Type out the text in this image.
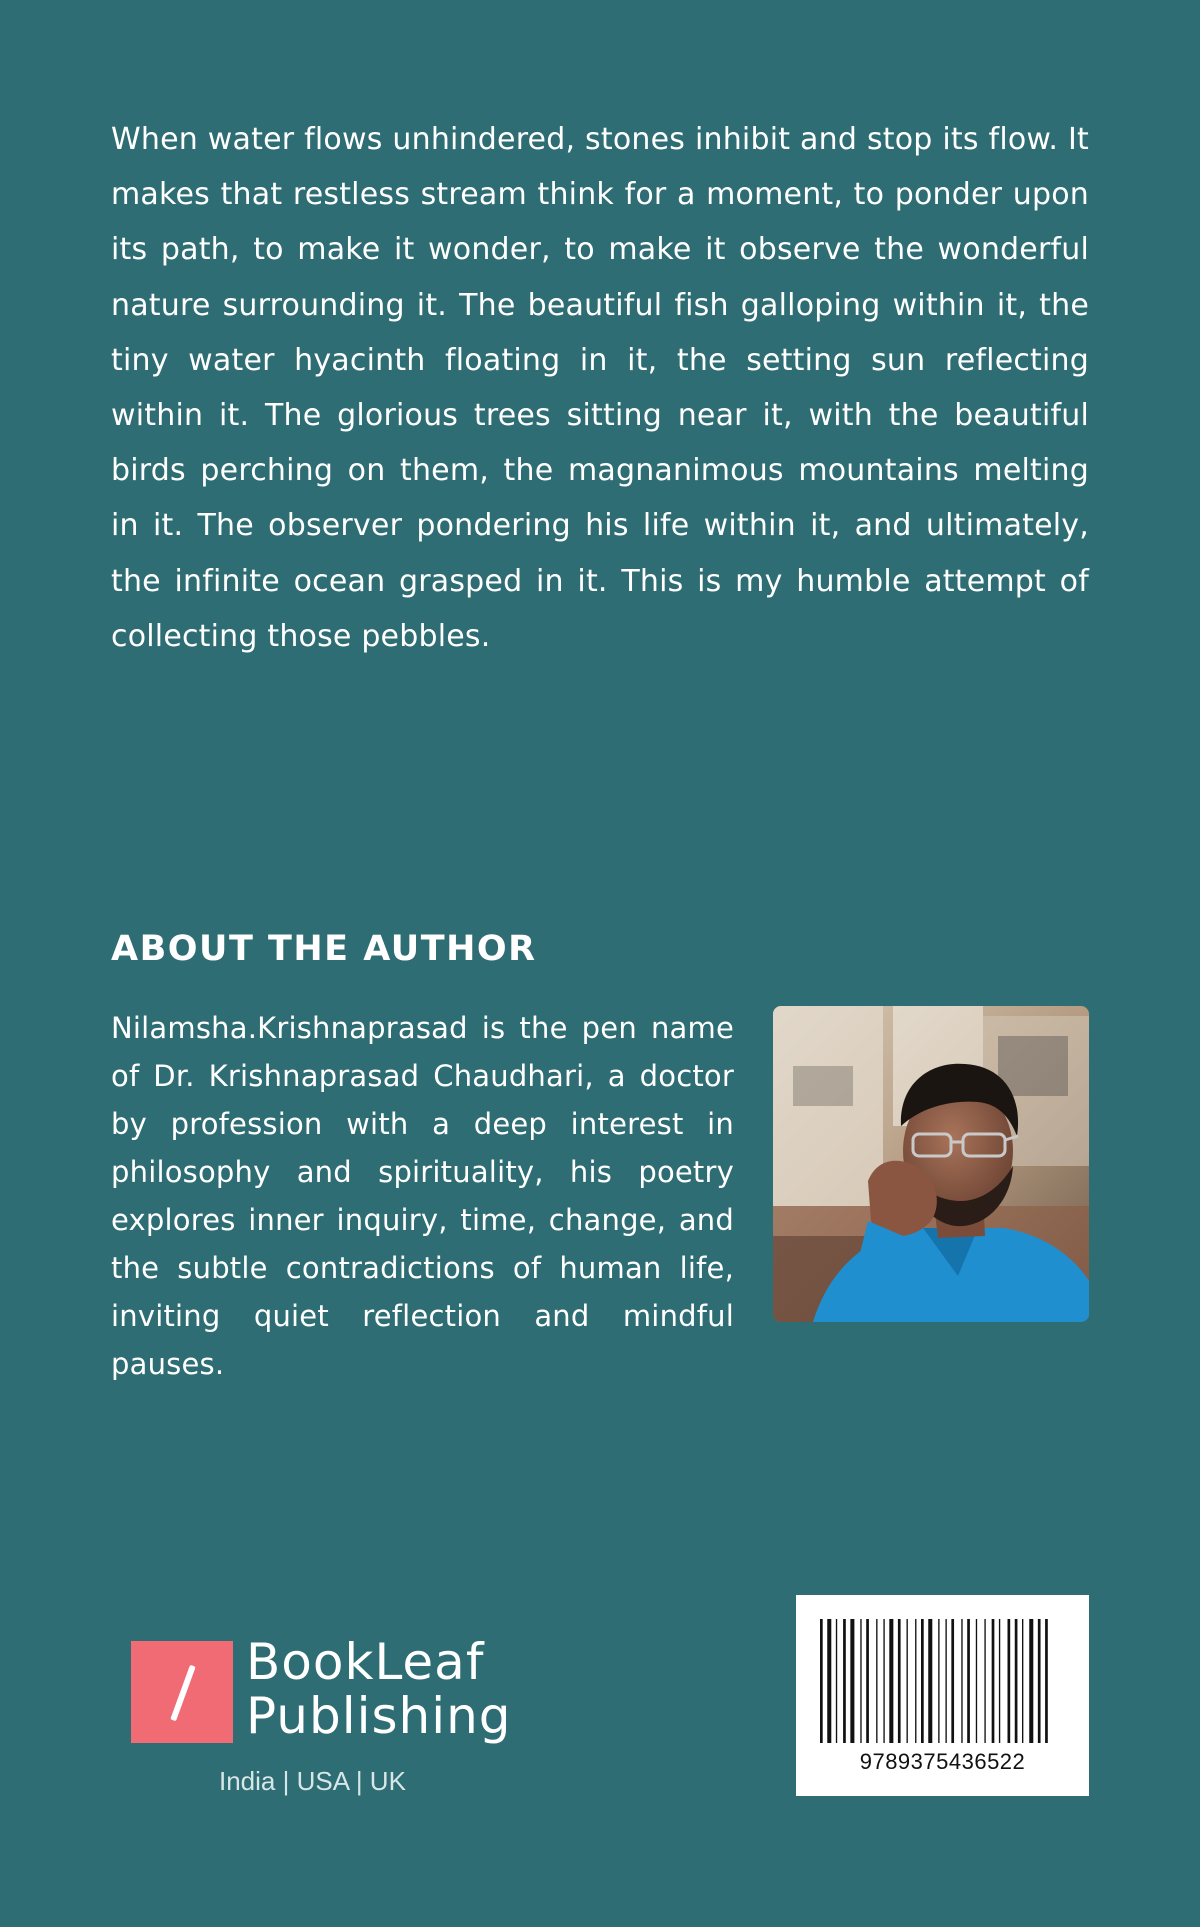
When water flows unhindered, stones inhibit and stop its flow. It makes that restless stream think for a moment, to ponder upon its path, to make it wonder, to make it observe the wonderful nature surrounding it. The beautiful fish galloping within it, the tiny water hyacinth floating in it, the setting sun reflecting within it. The glorious trees sitting near it, with the beautiful birds perching on them, the magnanimous mountains melting in it. The observer pondering his life within it, and ultimately, the infinite ocean grasped in it. This is my humble attempt of collecting those pebbles.

ABOUT THE AUTHOR

Nilamsha.Krishnaprasad is the pen name of Dr. Krishnaprasad Chaudhari, a doctor by profession with a deep interest in philosophy and spirituality, his poetry explores inner inquiry, time, change, and the subtle contradictions of human life, inviting quiet reflection and mindful pauses.

BookLeaf
Publishing
India | USA | UK
9789375436522
